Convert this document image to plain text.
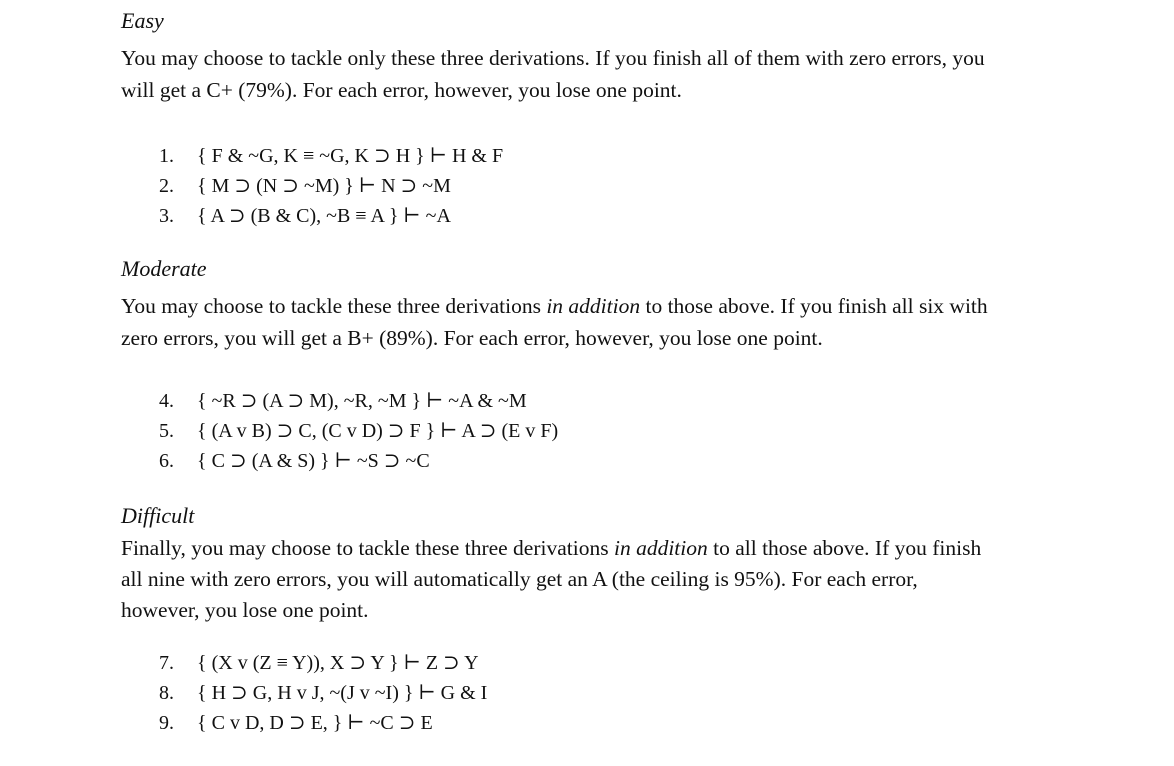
Easy

You may choose to tackle only these three derivations. If you finish all of them with zero errors, you

will get a C+ (79%). For each error, however, you lose one point.

1.	{ F & ~G, K ≡ ~G, K ⊃ H } ⊢ H & F
2.	{ M ⊃ (N ⊃ ~M) } ⊢ N ⊃ ~M
3.	{ A ⊃ (B & C), ~B ≡ A } ⊢ ~A

Moderate

You may choose to tackle these three derivations in addition to those above. If you finish all six with

zero errors, you will get a B+ (89%). For each error, however, you lose one point.

4.	{ ~R ⊃ (A ⊃ M), ~R, ~M } ⊢ ~A & ~M
5.	{ (A v B) ⊃ C, (C v D) ⊃ F } ⊢ A ⊃ (E v F)
6.	{ C ⊃ (A & S) } ⊢ ~S ⊃ ~C

Difficult

Finally, you may choose to tackle these three derivations in addition to all those above. If you finish

all nine with zero errors, you will automatically get an A (the ceiling is 95%). For each error,

however, you lose one point.

7.	{ (X v (Z ≡ Y)), X ⊃ Y } ⊢ Z ⊃ Y
8.	{ H ⊃ G, H v J, ~(J v ~I) } ⊢ G & I
9.	{ C v D, D ⊃ E, } ⊢ ~C ⊃ E
